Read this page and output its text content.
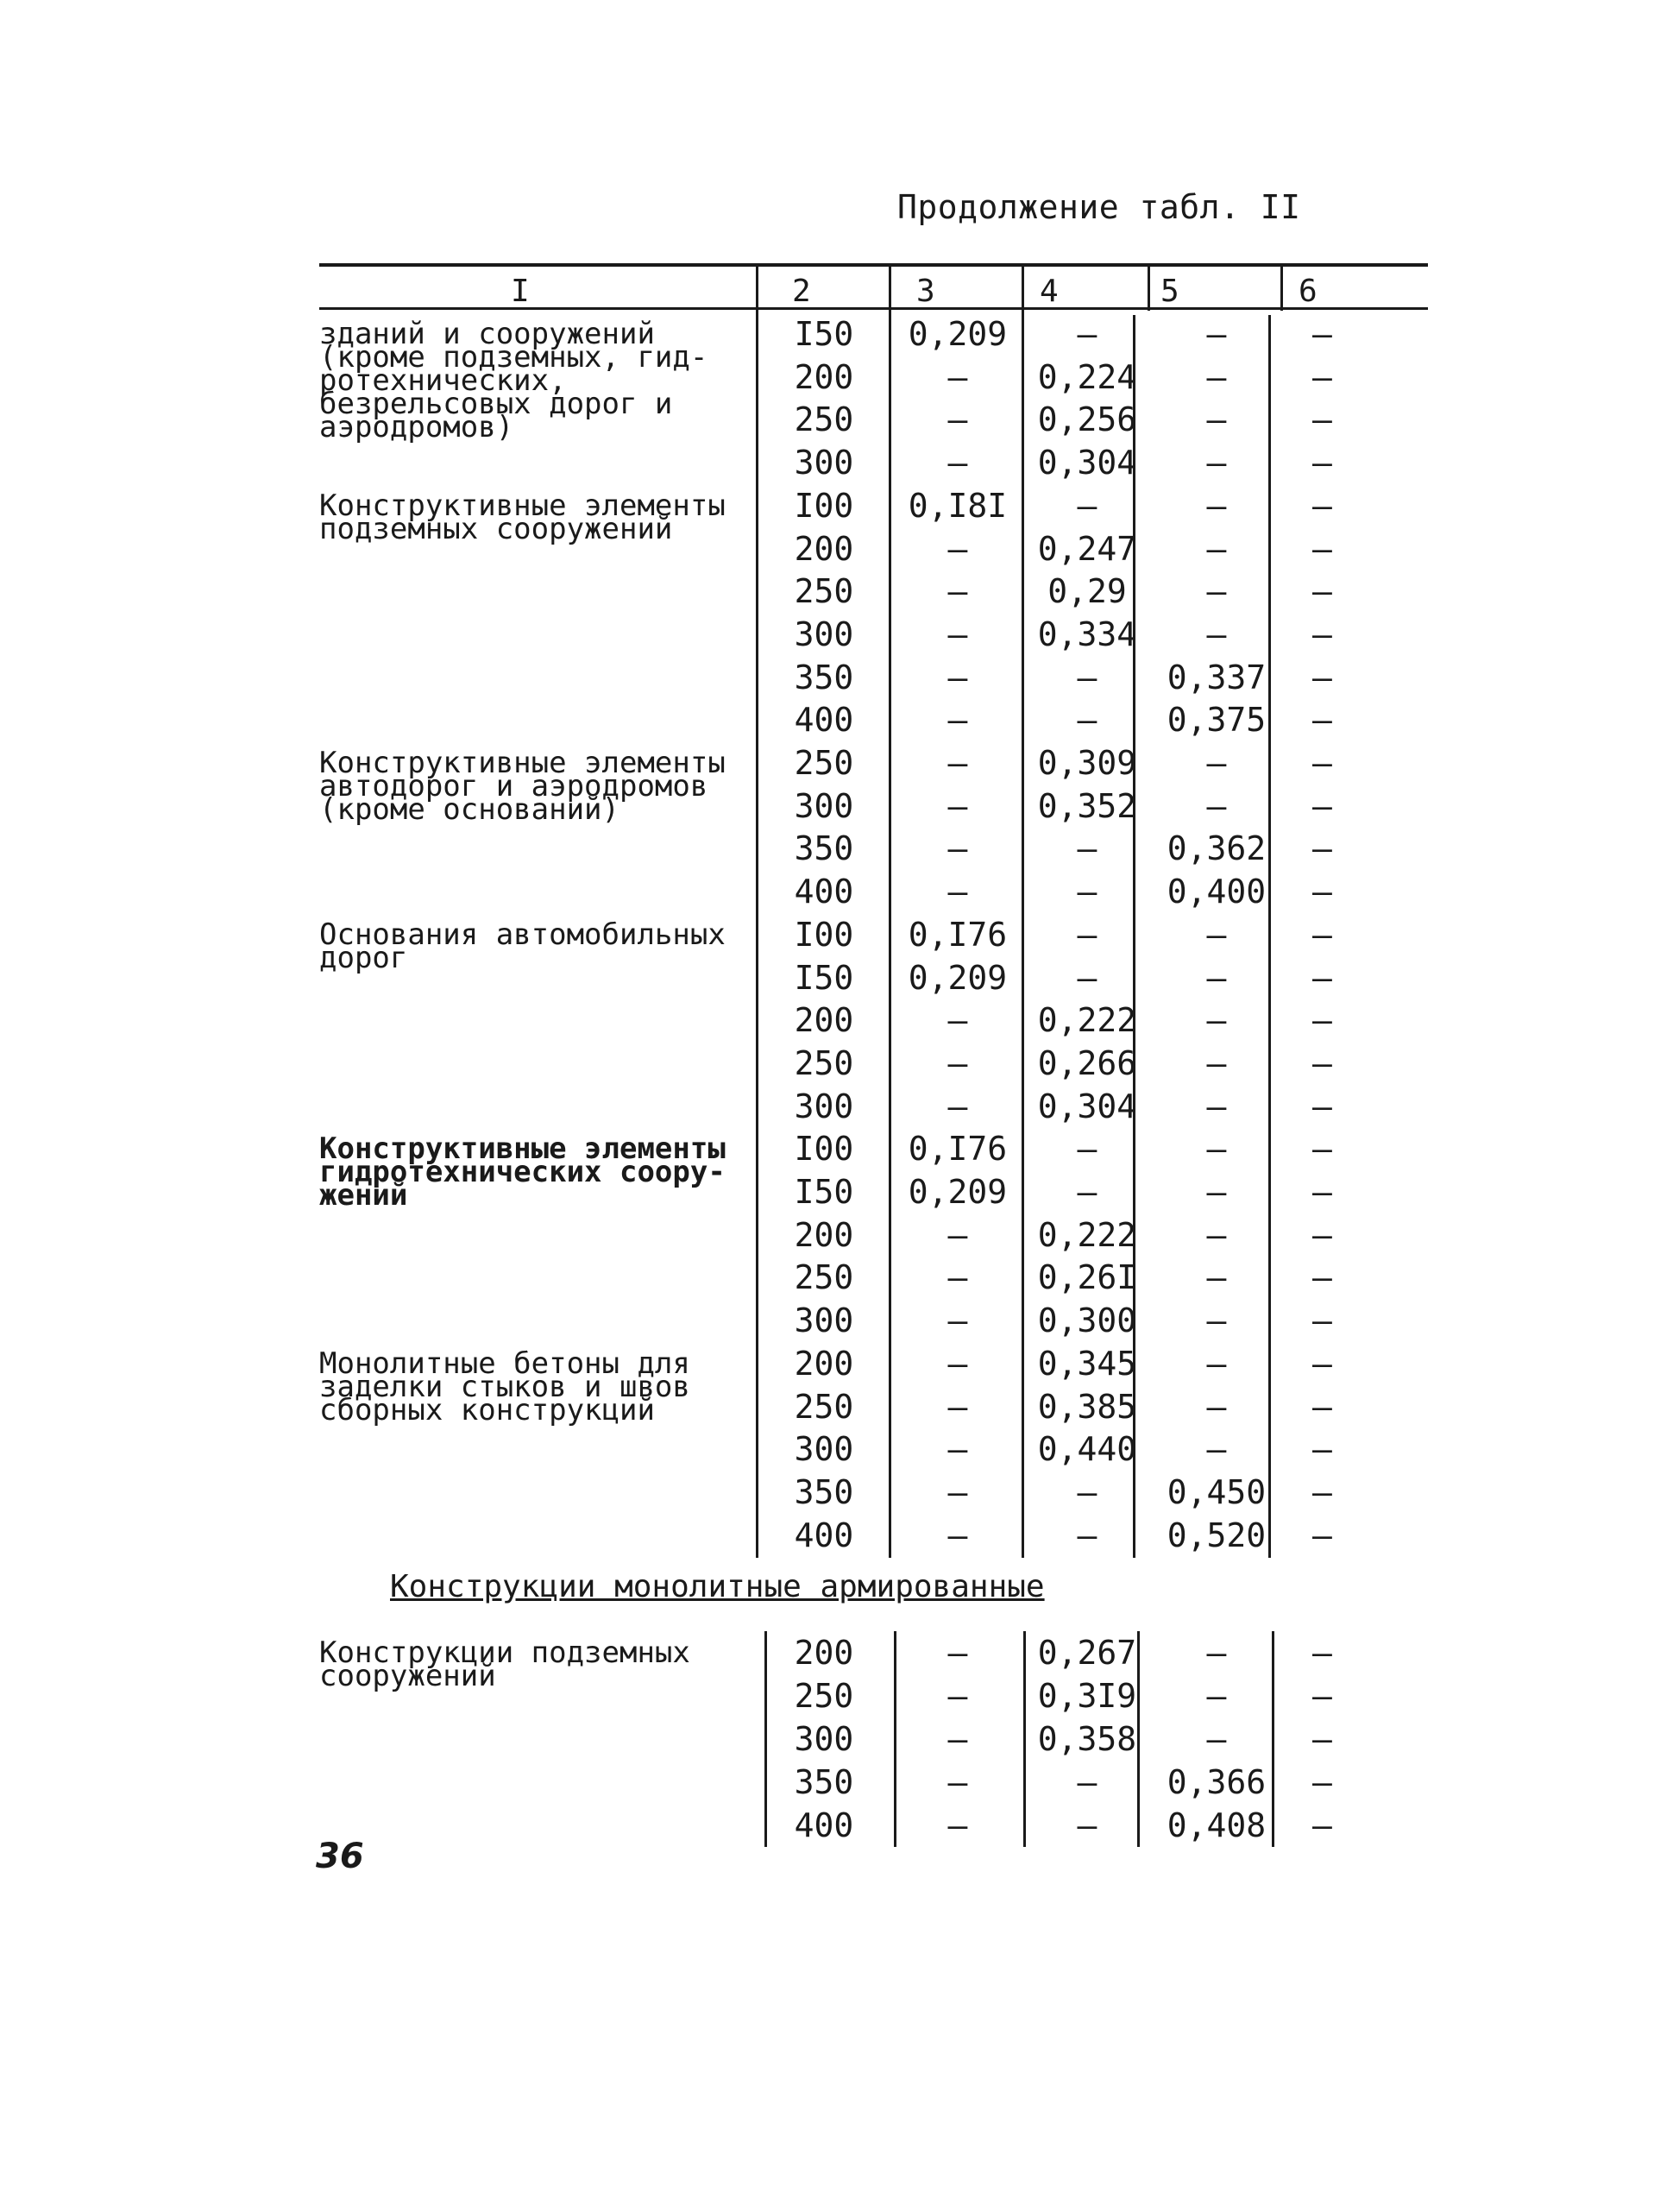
Продолжение табл. II
I	2	3	4	5	6
Конструкции монолитные армированные
зданий и сооружений
(кроме подземных, гид-
ротехнических,
безрельсовых дорог и
аэродромов)
I50	0,209	–	–	–
200	–	0,224	–	–
250	–	0,256	–	–
300	–	0,304	–	–
Конструктивные элементы
подземных сооружений
I00	0,I8I	–	–	–
200	–	0,247	–	–
250	–	0,29	–	–
300	–	0,334	–	–
350	–	–	0,337	–
400	–	–	0,375	–
Конструктивные элементы
автодорог и аэродромов
(кроме оснований)
250	–	0,309	–	–
300	–	0,352	–	–
350	–	–	0,362	–
400	–	–	0,400	–
Основания автомобильных
дорог
I00	0,I76	–	–	–
I50	0,209	–	–	–
200	–	0,222	–	–
250	–	0,266	–	–
300	–	0,304	–	–
Конструктивные элементы
гидротехнических соору-
жений
I00	0,I76	–	–	–
I50	0,209	–	–	–
200	–	0,222	–	–
250	–	0,26I	–	–
300	–	0,300	–	–
Монолитные бетоны для
заделки стыков и швов
сборных конструкций
200	–	0,345	–	–
250	–	0,385	–	–
300	–	0,440	–	–
350	–	–	0,450	–
400	–	–	0,520	–
Конструкции подземных
сооружений
200	–	0,267	–	–
250	–	0,3I9	–	–
300	–	0,358	–	–
350	–	–	0,366	–
400	–	–	0,408	–
36
